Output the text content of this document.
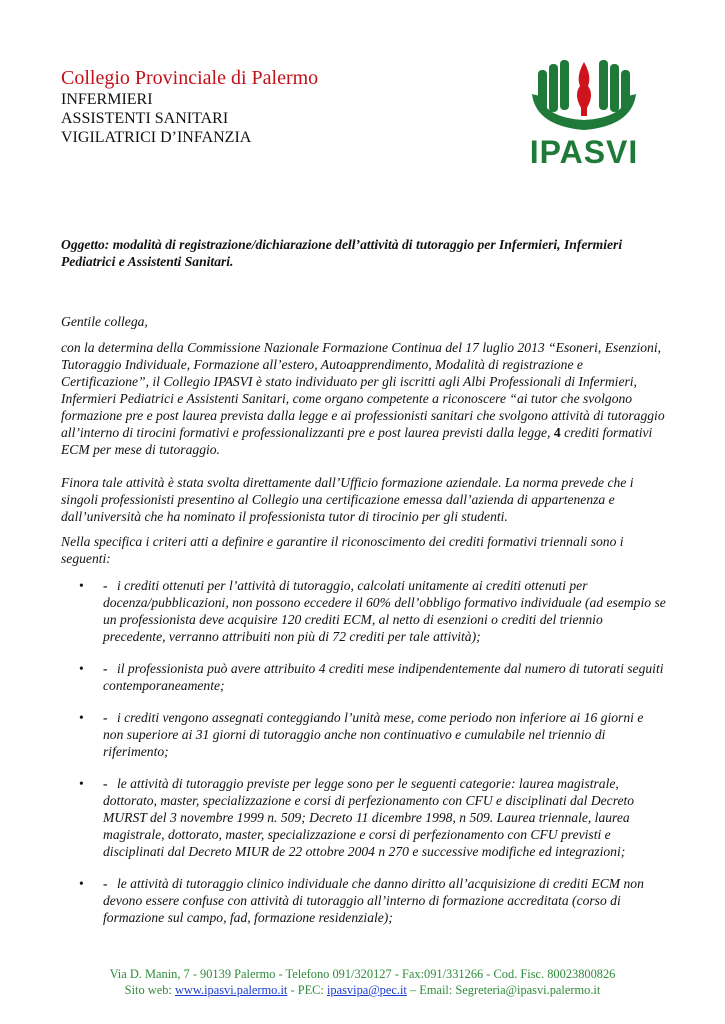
Collegio Provinciale di Palermo

INFERMIERI

ASSISTENTI SANITARI

VIGILATRICI D’INFANZIA	IPASVI
Oggetto: modalità di registrazione/dichiarazione dell’attività di tutoraggio per Infermieri, Infermieri Pediatrici e Assistenti Sanitari.
Gentile collega,
con la determina della Commissione Nazionale Formazione Continua del 17 luglio 2013 “Esoneri, Esenzioni, Tutoraggio Individuale, Formazione all’estero, Autoapprendimento, Modalità di registrazione e Certificazione”, il Collegio IPASVI è stato individuato per gli iscritti agli Albi Professionali di Infermieri, Infermieri Pediatrici e Assistenti Sanitari, come organo competente a riconoscere “ai tutor che svolgono formazione pre e post laurea prevista dalla legge e ai professionisti sanitari che svolgono attività di tutoraggio all’interno di tirocini formativi e professionalizzanti pre e post laurea previsti dalla legge, 4 crediti formativi ECM per mese di tutoraggio.
Finora tale attività è stata svolta direttamente dall’Ufficio formazione aziendale. La norma prevede che i singoli professionisti presentino al Collegio una certificazione emessa dall’azienda di appartenenza e dall’università che ha nominato il professionista tutor di tirocinio per gli studenti.
Nella specifica i criteri atti a definire e garantire il riconoscimento dei crediti formativi triennali sono i seguenti:
• - i crediti ottenuti per l’attività di tutoraggio, calcolati unitamente ai crediti ottenuti per docenza/pubblicazioni, non possono eccedere il 60% dell’obbligo formativo individuale (ad esempio se un professionista deve acquisire 120 crediti ECM, al netto di esenzioni o crediti del triennio precedente, verranno attribuiti non più di 72 crediti per tale attività);
• - il professionista può avere attribuito 4 crediti mese indipendentemente dal numero di tutorati seguiti contemporaneamente;
• - i crediti vengono assegnati conteggiando l’unità mese, come periodo non inferiore ai 16 giorni e non superiore ai 31 giorni di tutoraggio anche non continuativo e cumulabile nel triennio di riferimento;
• - le attività di tutoraggio previste per legge sono per le seguenti categorie: laurea magistrale, dottorato, master, specializzazione e corsi di perfezionamento con CFU e disciplinati dal Decreto MURST del 3 novembre 1999 n. 509; Decreto 11 dicembre 1998, n 509. Laurea triennale, laurea magistrale, dottorato, master, specializzazione e corsi di perfezionamento con CFU previsti e disciplinati dal Decreto MIUR de 22 ottobre 2004 n 270 e successive modifiche ed integrazioni;
• - le attività di tutoraggio clinico individuale che danno diritto all’acquisizione di crediti ECM non devono essere confuse con attività di tutoraggio all’interno di formazione accreditata (corso di formazione sul campo, fad, formazione residenziale);
Via D. Manin, 7 - 90139 Palermo - Telefono 091/320127 - Fax:091/331266 - Cod. Fisc. 80023800826
Sito web: www.ipasvi.palermo.it - PEC: ipasvipa@pec.it – Email: Segreteria@ipasvi.palermo.it
